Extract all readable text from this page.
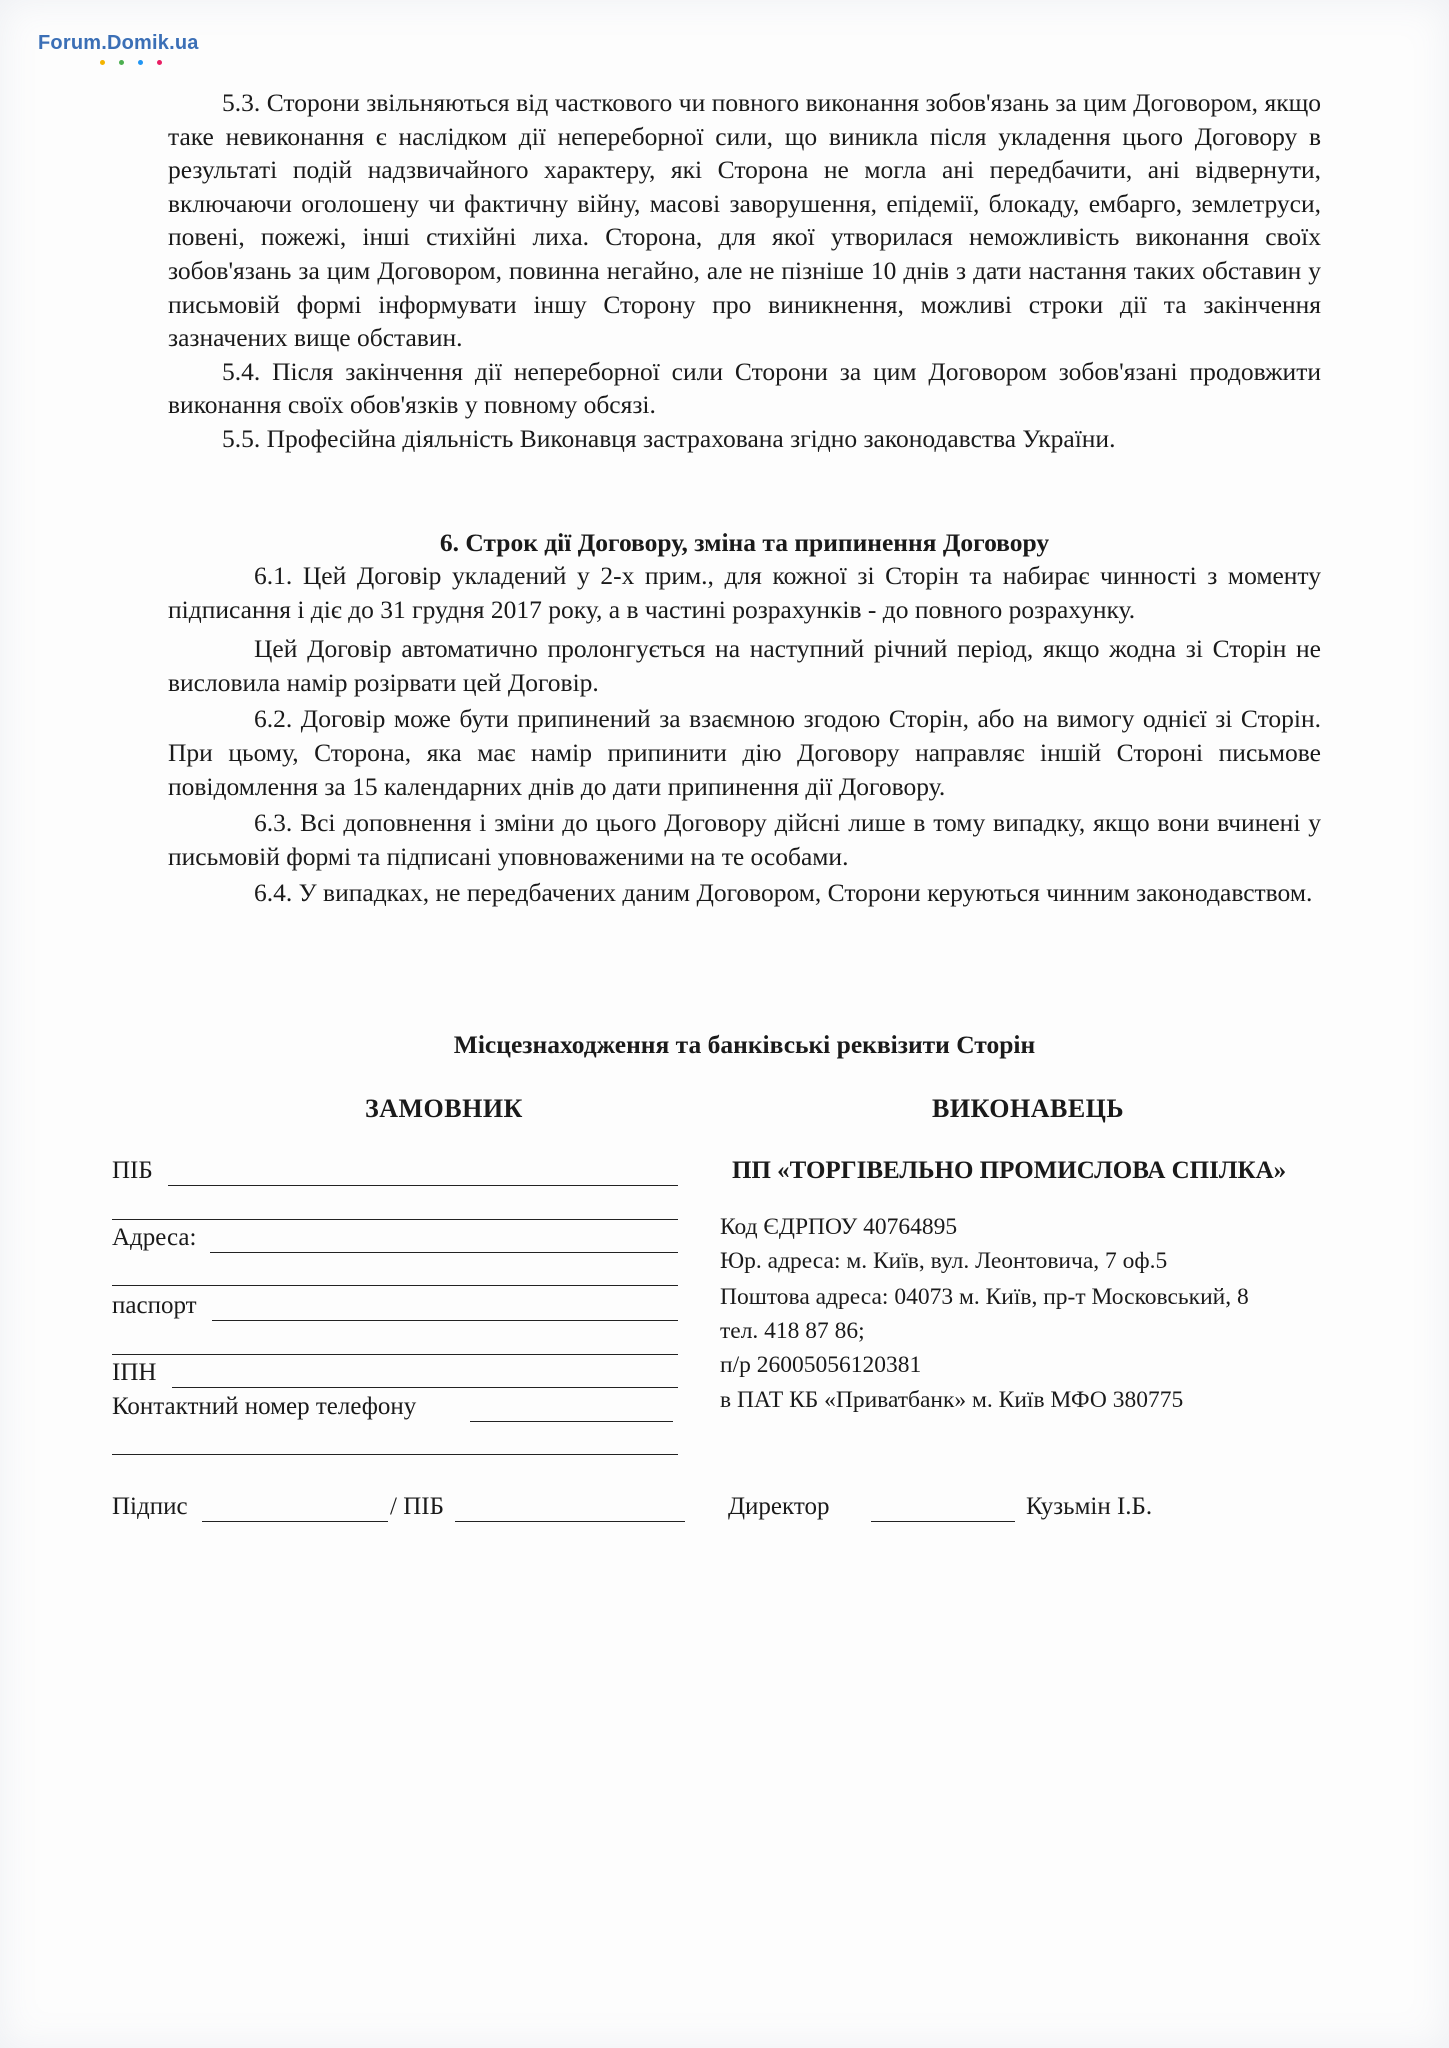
Forum.Domik.ua

5.3. Сторони звільняються від часткового чи повного виконання зобов'язань за цим Договором, якщо таке невиконання є наслідком дії непереборної сили, що виникла після укладення цього Договору в результаті подій надзвичайного характеру, які Сторона не могла ані передбачити, ані відвернути, включаючи оголошену чи фактичну війну, масові заворушення, епідемії, блокаду, ембарго, землетруси, повені, пожежі, інші стихійні лиха. Сторона, для якої утворилася неможливість виконання своїх зобов'язань за цим Договором, повинна негайно, але не пізніше 10 днів з дати настання таких обставин у письмовій формі інформувати іншу Сторону про виникнення, можливі строки дії та закінчення зазначених вище обставин.

5.4. Після закінчення дії непереборної сили Сторони за цим Договором зобов'язані продовжити виконання своїх обов'язків у повному обсязі.

5.5. Професійна діяльність Виконавця застрахована згідно законодавства України.

6. Строк дії Договору, зміна та припинення Договору

6.1. Цей Договір укладений у 2-х прим., для кожної зі Сторін та набирає чинності з моменту підписання і діє до 31 грудня 2017 року, а в частині розрахунків - до повного розрахунку.

Цей Договір автоматично пролонгується на наступний річний період, якщо жодна зі Сторін не висловила намір розірвати цей Договір.

6.2. Договір може бути припинений за взаємною згодою Сторін, або на вимогу однієї зі Сторін. При цьому, Сторона, яка має намір припинити дію Договору направляє іншій Стороні письмове повідомлення за 15 календарних днів до дати припинення дії Договору.

6.3. Всі доповнення і зміни до цього Договору дійсні лише в тому випадку, якщо вони вчинені у письмовій формі та підписані уповноваженими на те особами.

6.4. У випадках, не передбачених даним Договором, Сторони керуються чинним законодавством.

Місцезнаходження та банківські реквізити Сторін
ЗАМОВНИК
ПІБ
Адреса:
паспорт
ІПН
Контактний номер телефону
Підпис	/ ПІБ
ВИКОНАВЕЦЬ
ПП «ТОРГІВЕЛЬНО ПРОМИСЛОВА СПІЛКА»
Код ЄДРПОУ 40764895
Юр. адреса: м. Київ, вул. Леонтовича, 7 оф.5
Поштова адреса: 04073 м. Київ, пр-т Московський, 8
тел. 418 87 86;
п/р 26005056120381
в ПАТ КБ «Приватбанк» м. Київ МФО 380775
Директор	Кузьмін І.Б.
